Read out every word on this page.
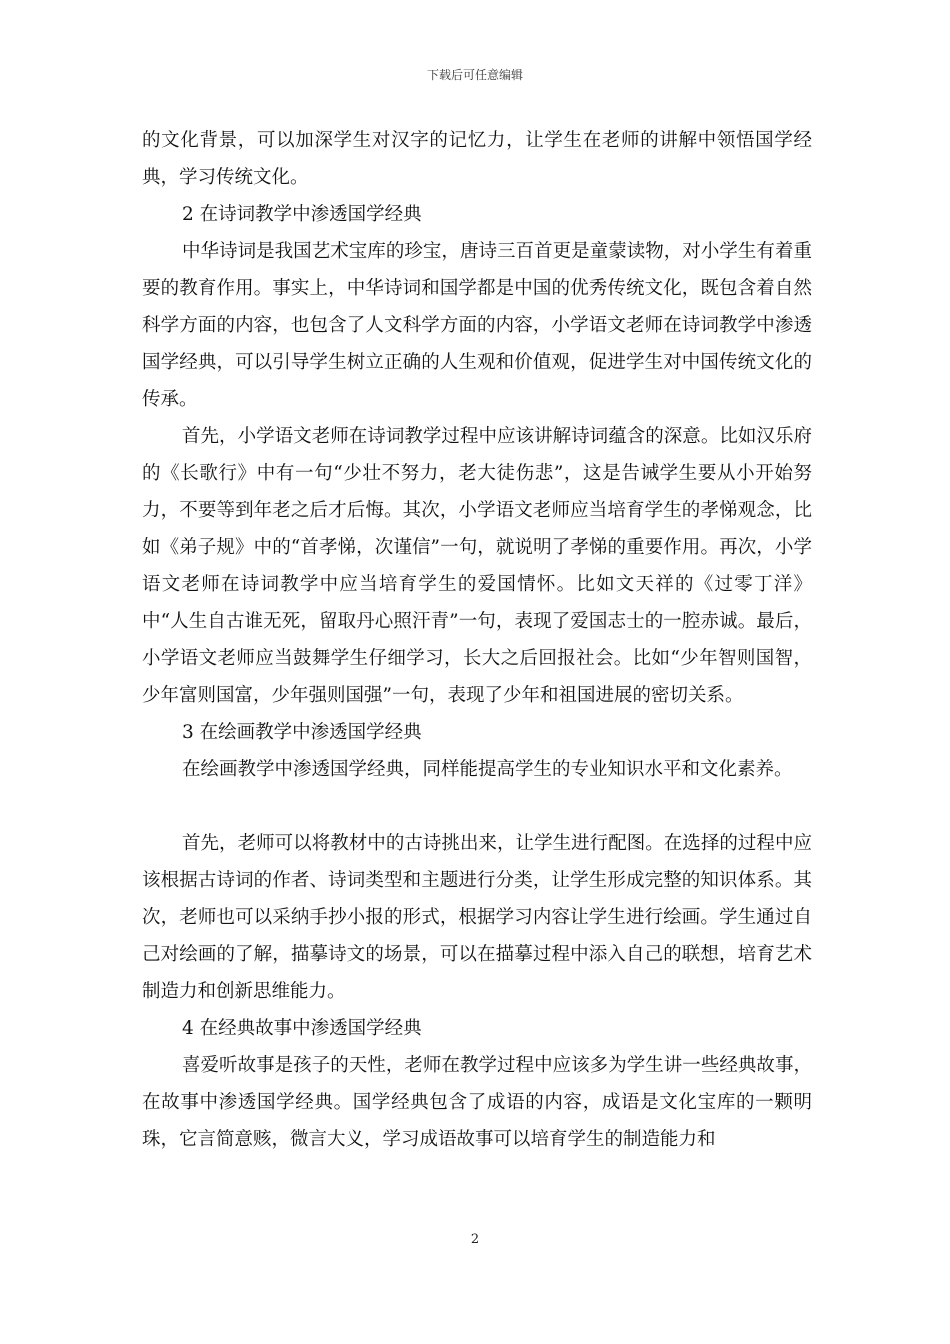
下载后可任意编辑

的文化背景，可以加深学生对汉字的记忆力，让学生在老师的讲解中领悟国学经典，学习传统文化。

2 在诗词教学中渗透国学经典

中华诗词是我国艺术宝库的珍宝，唐诗三百首更是童蒙读物，对小学生有着重要的教育作用。事实上，中华诗词和国学都是中国的优秀传统文化，既包含着自然科学方面的内容，也包含了人文科学方面的内容，小学语文老师在诗词教学中渗透国学经典，可以引导学生树立正确的人生观和价值观，促进学生对中国传统文化的传承。

首先，小学语文老师在诗词教学过程中应该讲解诗词蕴含的深意。比如汉乐府的《长歌行》中有一句“少壮不努力，老大徒伤悲”，这是告诫学生要从小开始努力，不要等到年老之后才后悔。其次，小学语文老师应当培育学生的孝悌观念，比如《弟子规》中的“首孝悌，次谨信”一句，就说明了孝悌的重要作用。再次，小学语文老师在诗词教学中应当培育学生的爱国情怀。比如文天祥的《过零丁洋》中“人生自古谁无死，留取丹心照汗青”一句，表现了爱国志士的一腔赤诚。最后，小学语文老师应当鼓舞学生仔细学习，长大之后回报社会。比如“少年智则国智，少年富则国富，少年强则国强”一句，表现了少年和祖国进展的密切关系。

3 在绘画教学中渗透国学经典

在绘画教学中渗透国学经典，同样能提高学生的专业知识水平和文化素养。

首先，老师可以将教材中的古诗挑出来，让学生进行配图。在选择的过程中应该根据古诗词的作者、诗词类型和主题进行分类，让学生形成完整的知识体系。其次，老师也可以采纳手抄小报的形式，根据学习内容让学生进行绘画。学生通过自己对绘画的了解，描摹诗文的场景，可以在描摹过程中添入自己的联想，培育艺术制造力和创新思维能力。

4 在经典故事中渗透国学经典

喜爱听故事是孩子的天性，老师在教学过程中应该多为学生讲一些经典故事，在故事中渗透国学经典。国学经典包含了成语的内容，成语是文化宝库的一颗明珠，它言简意赅，微言大义，学习成语故事可以培育学生的制造能力和

2
